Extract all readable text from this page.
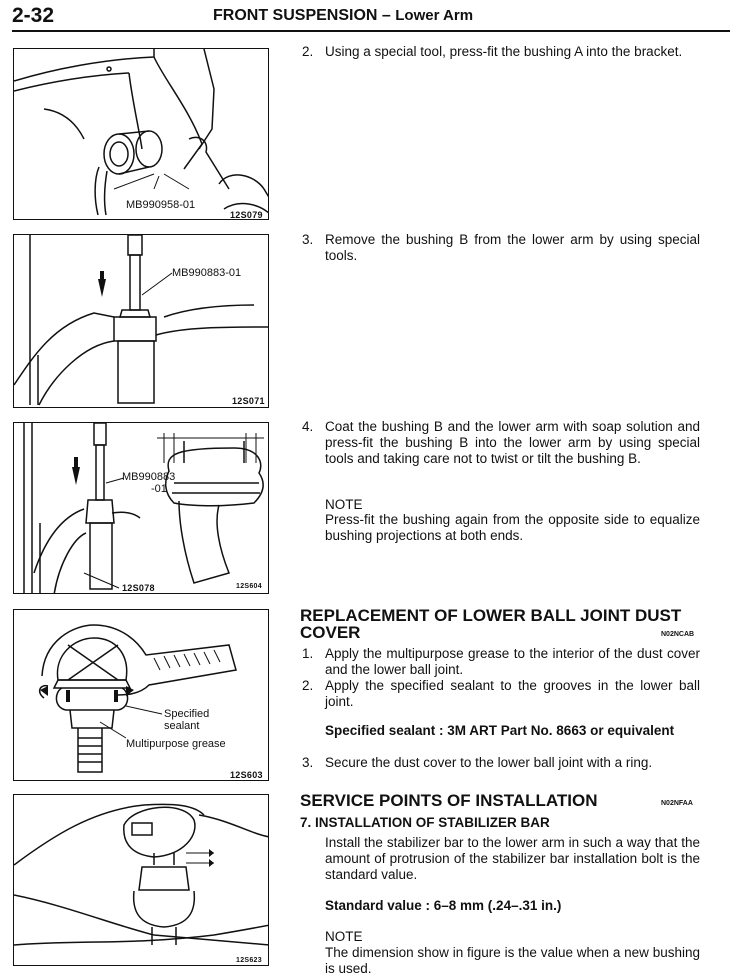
2-32	FRONT SUSPENSION – Lower Arm
MB990958-01
12S079
MB990883-01
12S071
MB990883
-01
12S078	12S604
Specified
sealant
Multipurpose grease
12S603
12S623
2. Using a special tool, press-fit the bushing A into the bracket.
3. Remove the bushing B from the lower arm by using special tools.
4. Coat the bushing B and the lower arm with soap solution and press-fit the bushing B into the lower arm by using special tools and taking care not to twist or tilt the bushing B.
NOTE
Press-fit the bushing again from the opposite side to equalize bushing projections at both ends.
REPLACEMENT OF LOWER BALL JOINT DUST
COVER	N02NCAB
1. Apply the multipurpose grease to the interior of the dust cover and the lower ball joint.
2. Apply the specified sealant to the grooves in the lower ball joint.
Specified sealant : 3M ART Part No. 8663 or equivalent
3. Secure the dust cover to the lower ball joint with a ring.
SERVICE POINTS OF INSTALLATION	N02NFAA
7. INSTALLATION OF STABILIZER BAR
Install the stabilizer bar to the lower arm in such a way that the amount of protrusion of the stabilizer bar installation bolt is the standard value.
Standard value : 6–8 mm (.24–.31 in.)
NOTE
The dimension show in figure is the value when a new bushing is used.
